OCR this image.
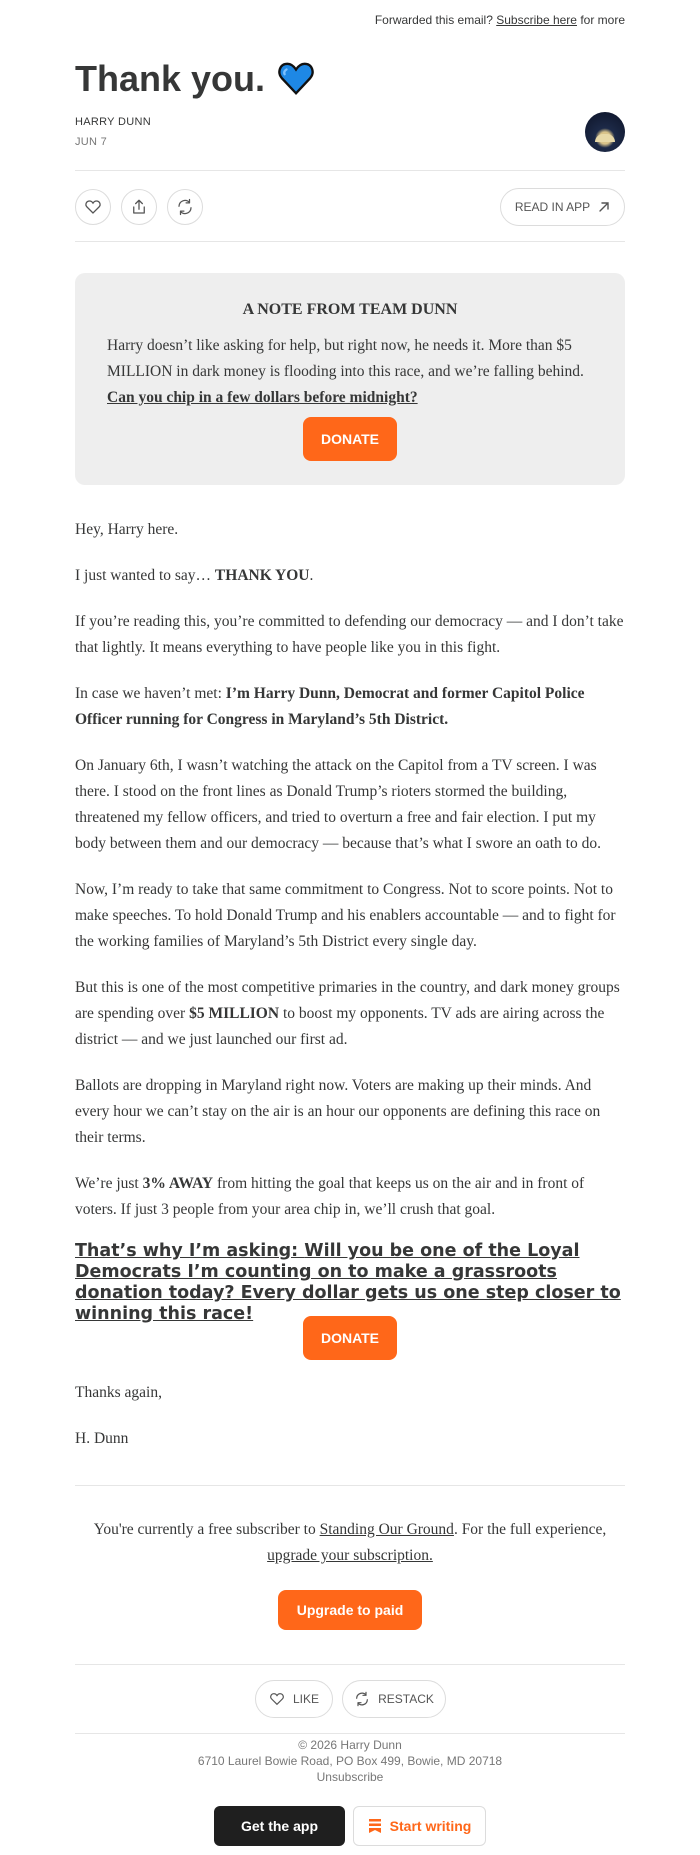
Forwarded this email? Subscribe here for more
Thank you.
HARRY DUNN
JUN 7
READ IN APP
A NOTE FROM TEAM DUNN

Harry doesn’t like asking for help, but right now, he needs it. More than $5 MILLION in dark money is flooding into this race, and we’re falling behind. Can you chip in a few dollars before midnight?

DONATE

Hey, Harry here.

I just wanted to say… THANK YOU.

If you’re reading this, you’re committed to defending our democracy — and I don’t take that lightly. It means everything to have people like you in this fight.

In case we haven’t met: I’m Harry Dunn, Democrat and former Capitol Police Officer running for Congress in Maryland’s 5th District.

On January 6th, I wasn’t watching the attack on the Capitol from a TV screen. I was there. I stood on the front lines as Donald Trump’s rioters stormed the building, threatened my fellow officers, and tried to overturn a free and fair election. I put my body between them and our democracy — because that’s what I swore an oath to do.

Now, I’m ready to take that same commitment to Congress. Not to score points. Not to make speeches. To hold Donald Trump and his enablers accountable — and to fight for the working families of Maryland’s 5th District every single day.

But this is one of the most competitive primaries in the country, and dark money groups are spending over $5 MILLION to boost my opponents. TV ads are airing across the district — and we just launched our first ad.

Ballots are dropping in Maryland right now. Voters are making up their minds. And every hour we can’t stay on the air is an hour our opponents are defining this race on their terms.

We’re just 3% AWAY from hitting the goal that keeps us on the air and in front of voters. If just 3 people from your area chip in, we’ll crush that goal.

That’s why I’m asking: Will you be one of the Loyal Democrats I’m counting on to make a grassroots donation today? Every dollar gets us one step closer to winning this race!
DONATE

Thanks again,

H. Dunn

You're currently a free subscriber to Standing Our Ground. For the full experience, upgrade your subscription.
Upgrade to paid
LIKE	RESTACK
© 2026 Harry Dunn
6710 Laurel Bowie Road, PO Box 499, Bowie, MD 20718
Unsubscribe
Get the app	Start writing
